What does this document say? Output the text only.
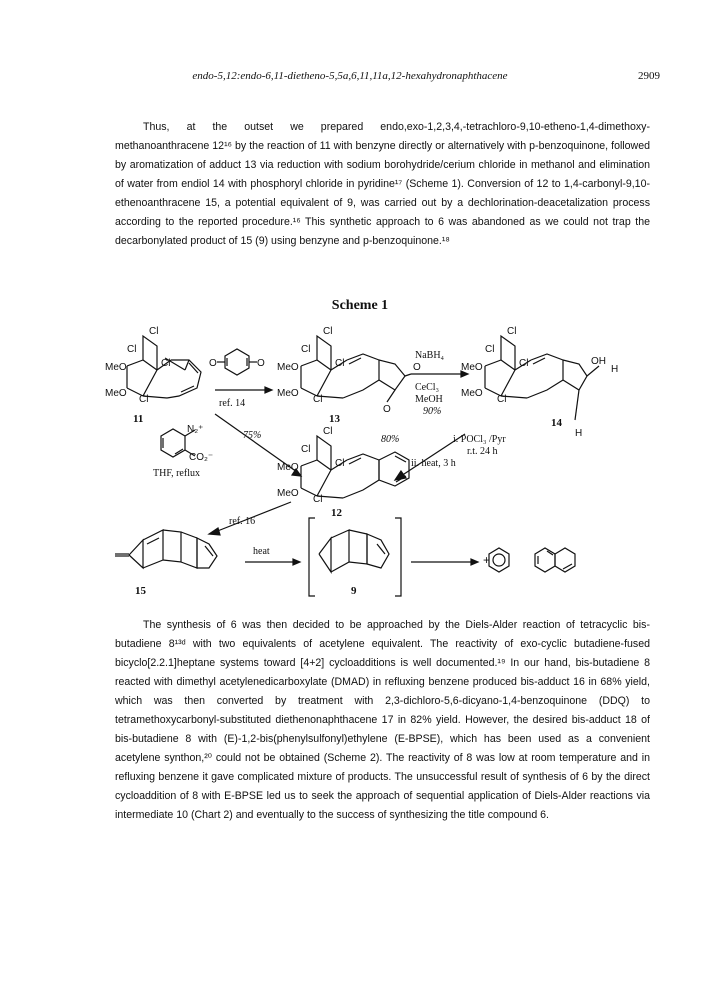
endo-5,12:endo-6,11-dietheno-5,5a,6,11,11a,12-hexahydronaphthacene	2909

Thus, at the outset we prepared endo,exo-1,2,3,4,-tetrachloro-9,10-etheno-1,4-dimethoxy-methanoanthracene 12¹⁶ by the reaction of 11 with benzyne directly or alternatively with p-benzoquinone, followed by aromatization of adduct 13 via reduction with sodium borohydride/cerium chloride in methanol and elimination of water from endiol 14 with phosphoryl chloride in pyridine¹⁷ (Scheme 1). Conversion of 12 to 1,4-carbonyl-9,10-ethenoanthracene 15, a potential equivalent of 9, was carried out by a dechlorination-deacetalization process according to the reported procedure.¹⁶ This synthetic approach to 6 was abandoned as we could not trap the decarbonylated product of 15 (9) using benzyne and p-benzoquinone.¹⁸

Scheme 1
Cl
Cl
Cl
MeO
MeO
Cl
O
O
Cl
Cl
Cl
MeO
MeO
Cl
O
O
Cl
Cl
Cl
MeO
MeO
Cl
OH
H
H
Cl
Cl
Cl
MeO
MeO
Cl
ref. 14
NaBH₄
CeCl₃
MeOH
90%
75%	80%	i. POCl₃ /Pyr
r.t. 24 h
ii. heat, 3 h
N₂⁺
CO₂⁻
THF, reflux
ref. 16
heat
+
11	13	14
12
15	9

The synthesis of 6 was then decided to be approached by the Diels-Alder reaction of tetracyclic bis-butadiene 8¹³ᵈ with two equivalents of acetylene equivalent. The reactivity of exo-cyclic butadiene-fused bicyclo[2.2.1]heptane systems toward [4+2] cycloadditions is well documented.¹⁹ In our hand, bis-butadiene 8 reacted with dimethyl acetylenedicarboxylate (DMAD) in refluxing benzene produced bis-adduct 16 in 68% yield, which was then converted by treatment with 2,3-dichloro-5,6-dicyano-1,4-benzoquinone (DDQ) to tetramethoxycarbonyl-substituted diethenonaphthacene 17 in 82% yield. However, the desired bis-adduct 18 of bis-butadiene 8 with (E)-1,2-bis(phenylsulfonyl)ethylene (E-BPSE), which has been used as a convenient acetylene synthon,²⁰ could not be obtained (Scheme 2). The reactivity of 8 was low at room temperature and in refluxing benzene it gave complicated mixture of products. The unsuccessful result of synthesis of 6 by the direct cycloaddition of 8 with E-BPSE led us to seek the approach of sequential application of Diels-Alder reactions via intermediate 10 (Chart 2) and eventually to the success of synthesizing the title compound 6.
